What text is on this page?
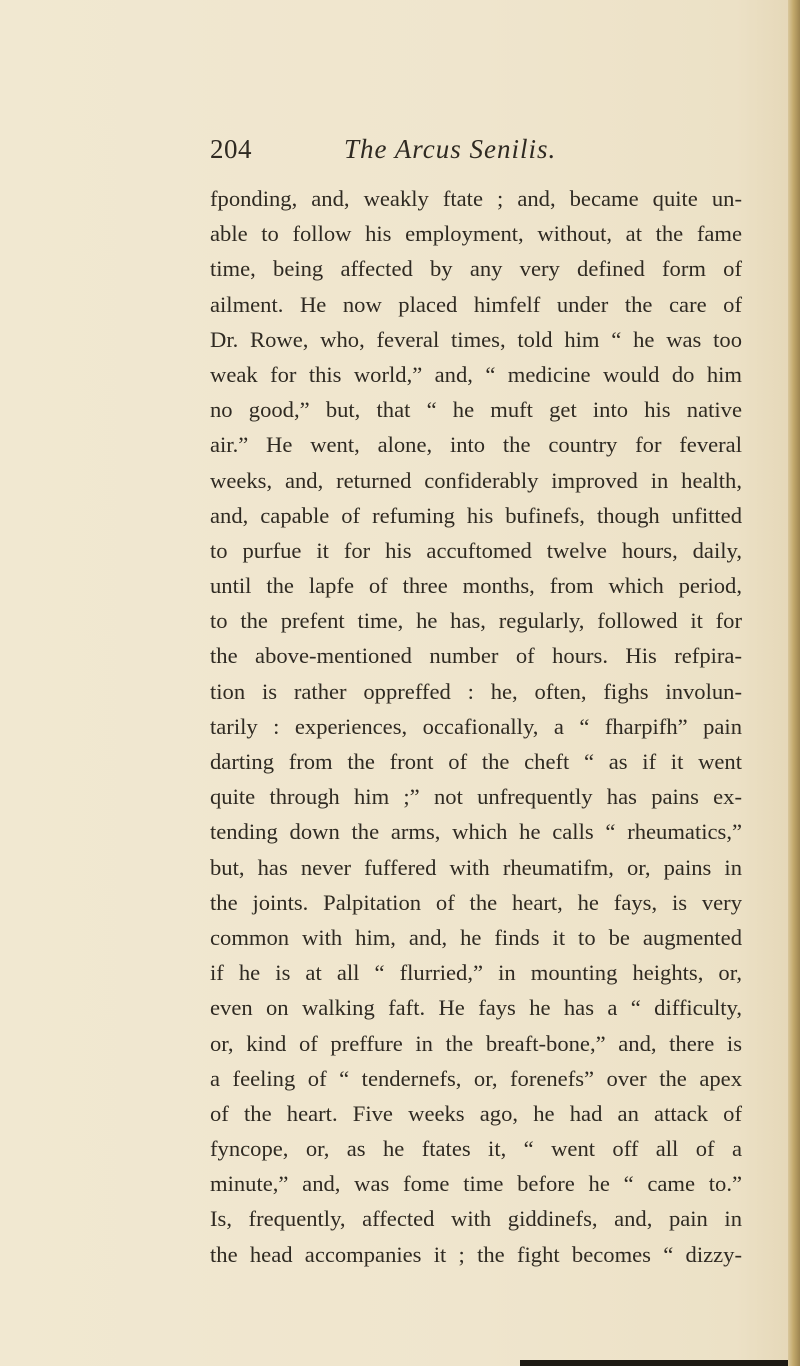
204	The Arcus Senilis.
fponding, and, weakly ftate ; and, became quite un-
able to follow his employment, without, at the fame
time, being affected by any very defined form of
ailment. He now placed himfelf under the care of
Dr. Rowe, who, feveral times, told him “ he was too
weak for this world,” and, “ medicine would do him
no good,” but, that “ he muft get into his native
air.” He went, alone, into the country for feveral
weeks, and, returned confiderably improved in health,
and, capable of refuming his bufinefs, though unfitted
to purfue it for his accuftomed twelve hours, daily,
until the lapfe of three months, from which period,
to the prefent time, he has, regularly, followed it for
the above-mentioned number of hours. His refpira-
tion is rather oppreffed : he, often, fighs involun-
tarily : experiences, occafionally, a “ fharpifh” pain
darting from the front of the cheft “ as if it went
quite through him ;” not unfrequently has pains ex-
tending down the arms, which he calls “ rheumatics,”
but, has never fuffered with rheumatifm, or, pains in
the joints. Palpitation of the heart, he fays, is very
common with him, and, he finds it to be augmented
if he is at all “ flurried,” in mounting heights, or,
even on walking faft. He fays he has a “ difficulty,
or, kind of preffure in the breaft-bone,” and, there is
a feeling of “ tendernefs, or, forenefs” over the apex
of the heart. Five weeks ago, he had an attack of
fyncope, or, as he ftates it, “ went off all of a
minute,” and, was fome time before he “ came to.”
Is, frequently, affected with giddinefs, and, pain in
the head accompanies it ; the fight becomes “ dizzy-
